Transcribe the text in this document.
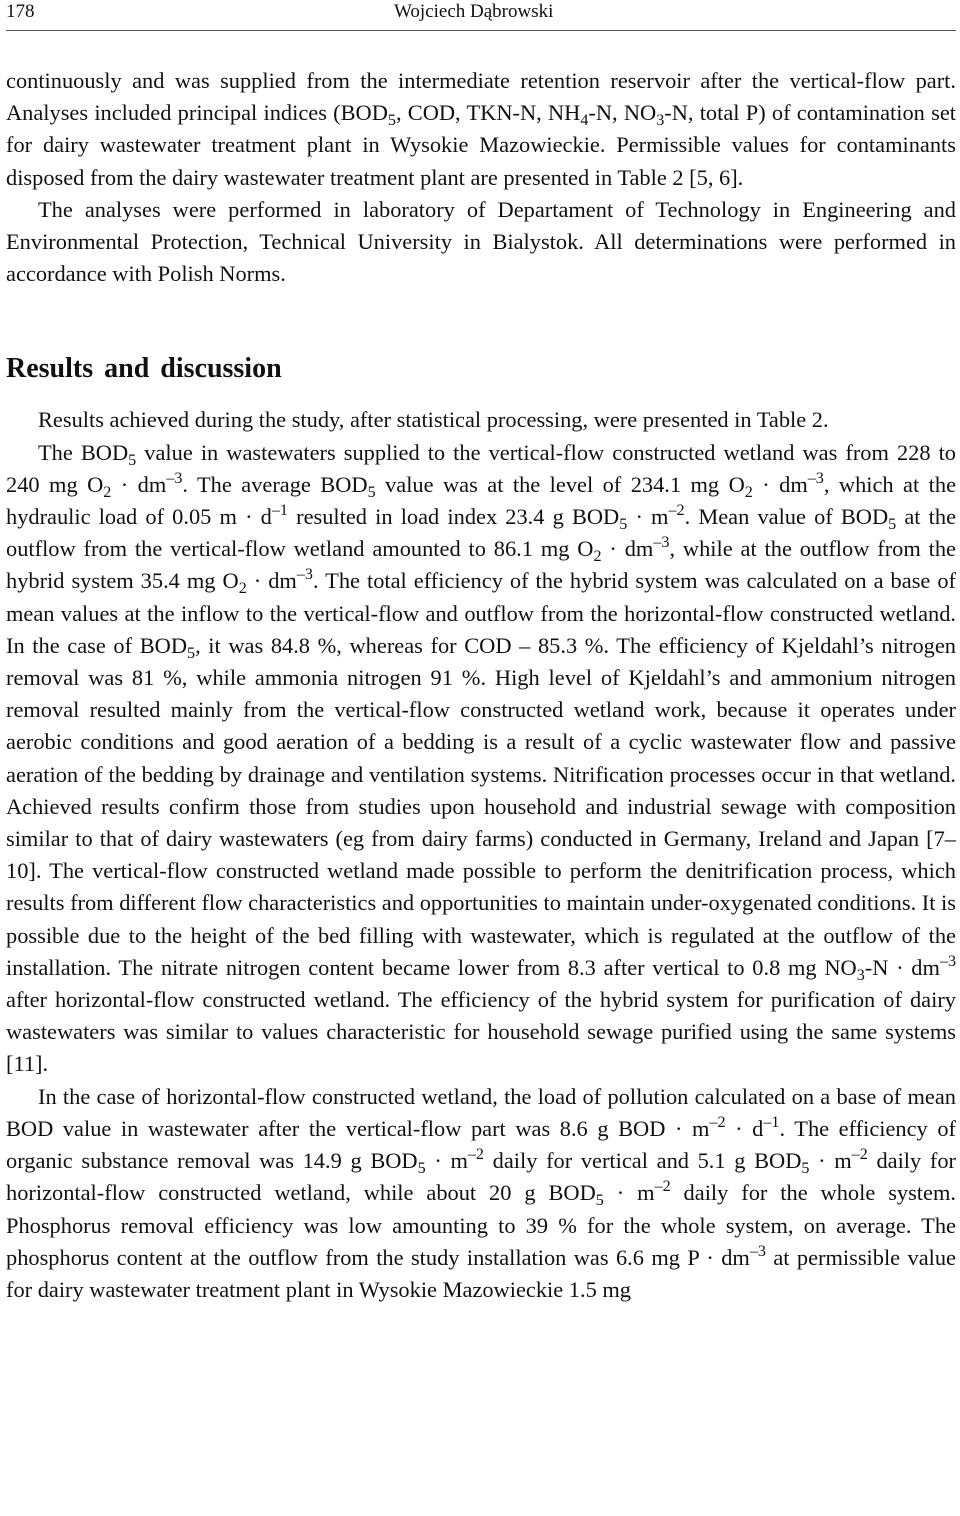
178	Wojciech Dąbrowski

continuously and was supplied from the intermediate retention reservoir after the vertical-flow part. Analyses included principal indices ($BOD_5$, COD, TKN-N, $NH_4-N$, $NO_3-N$, total P) of contamination set for dairy wastewater treatment plant in Wysokie Mazowieckie. Permissible values for contaminants disposed from the dairy wastewater treatment plant are presented in Table 2 [5, 6].

The analyses were performed in laboratory of Departament of Technology in Engineering and Environmental Protection, Technical University in Bialystok. All determinations were performed in accordance with Polish Norms.

Results and discussion

Results achieved during the study, after statistical processing, were presented in Table 2.

The $BOD_5$ value in wastewaters supplied to the vertical-flow constructed wetland was from 228 to 240 mg $O_2 \cdot dm^{-3}$. The average $BOD_5$ value was at the level of 234.1 mg $O_2 \cdot dm^{-3}$, which at the hydraulic load of 0.05 $m \cdot d^{-1}$ resulted in load index 23.4 g $BOD_5 \cdot m^{-2}$. Mean value of $BOD_5$ at the outflow from the vertical-flow wetland amounted to 86.1 mg $O_2 \cdot dm^{-3}$, while at the outflow from the hybrid system 35.4 mg $O_2 \cdot dm^{-3}$. The total efficiency of the hybrid system was calculated on a base of mean values at the inflow to the vertical-flow and outflow from the horizontal-flow constructed wetland. In the case of $BOD_5$, it was 84.8 %, whereas for COD – 85.3 %. The efficiency of Kjeldahl’s nitrogen removal was 81 %, while ammonia nitrogen 91 %. High level of Kjeldahl’s and ammonium nitrogen removal resulted mainly from the vertical-flow constructed wetland work, because it operates under aerobic conditions and good aeration of a bedding is a result of a cyclic wastewater flow and passive aeration of the bedding by drainage and ventilation systems. Nitrification processes occur in that wetland. Achieved results confirm those from studies upon household and industrial sewage with composition similar to that of dairy wastewaters (eg from dairy farms) conducted in Germany, Ireland and Japan [7–10]. The vertical-flow constructed wetland made possible to perform the denitrification process, which results from different flow characteristics and opportunities to maintain under-oxygenated conditions. It is possible due to the height of the bed filling with wastewater, which is regulated at the outflow of the installation. The nitrate nitrogen content became lower from 8.3 after vertical to 0.8 mg $NO_3-N \cdot dm^{-3}$ after horizontal-flow constructed wetland. The efficiency of the hybrid system for purification of dairy wastewaters was similar to values characteristic for household sewage purified using the same systems [11].

In the case of horizontal-flow constructed wetland, the load of pollution calculated on a base of mean BOD value in wastewater after the vertical-flow part was 8.6 g BOD · $m^{-2} \cdot d^{-1}$. The efficiency of organic substance removal was 14.9 g $BOD_5 \cdot m^{-2}$ daily for vertical and 5.1 g $BOD_5 \cdot m^{-2}$ daily for horizontal-flow constructed wetland, while about 20 g $BOD_5 \cdot m^{-2}$ daily for the whole system. Phosphorus removal efficiency was low amounting to 39 % for the whole system, on average. The phosphorus content at the outflow from the study installation was 6.6 mg $P \cdot dm^{-3}$ at permissible value for dairy wastewater treatment plant in Wysokie Mazowieckie 1.5 mg
